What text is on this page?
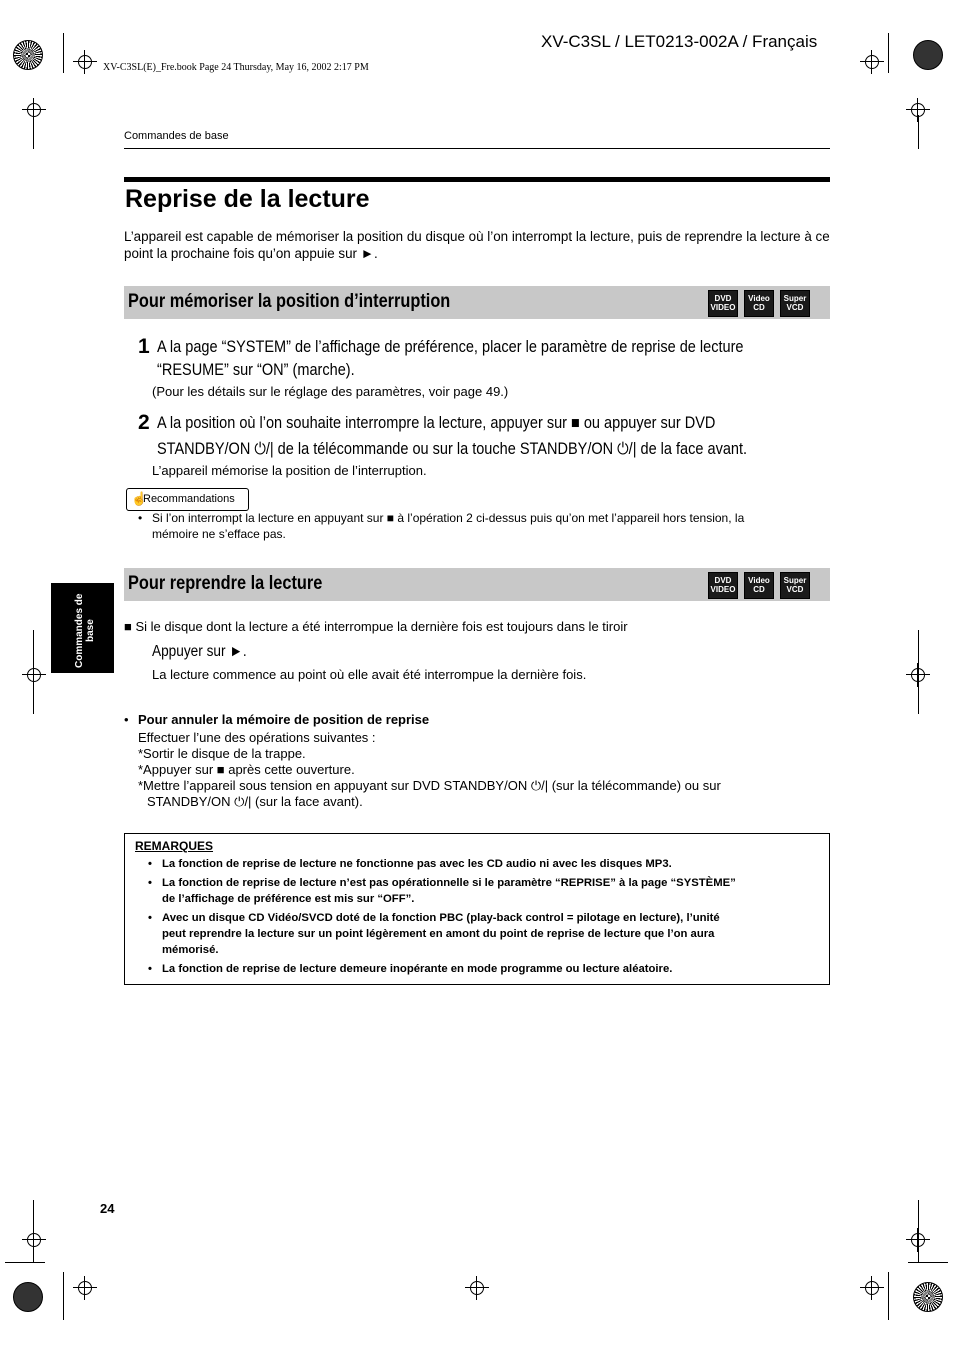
XV-C3SL / LET0213-002A / Français
XV-C3SL(E)_Fre.book Page 24 Thursday, May 16, 2002 2:17 PM
Commandes de base
Reprise de la lecture
L’appareil est capable de mémoriser la position du disque où l’on interrompt la lecture, puis de reprendre la lecture à ce point la prochaine fois qu’on appuie sur ►.
Pour mémoriser la position d’interruption	DVD
VIDEO
Video
CD
Super
VCD
1 A la page “SYSTEM” de l’affichage de préférence, placer le paramètre de reprise de lecture
“RESUME” sur “ON” (marche).
(Pour les détails sur le réglage des paramètres, voir page 49.)
2 A la position où l’on souhaite interrompre la lecture, appuyer sur ■ ou appuyer sur DVD
STANDBY/ON ⏻/| de la télécommande ou sur la touche STANDBY/ON ⏻/| de la face avant.
L’appareil mémorise la position de l’interruption.
☝
Recommandations
• Si l’on interrompt la lecture en appuyant sur ■ à l’opération 2 ci-dessus puis qu’on met l’appareil hors tension, la
mémoire ne s’efface pas.
Commandes de base
Pour reprendre la lecture	DVD
VIDEO
Video
CD
Super
VCD
■ Si le disque dont la lecture a été interrompue la dernière fois est toujours dans le tiroir
Appuyer sur ►.
La lecture commence au point où elle avait été interrompue la dernière fois.
• Pour annuler la mémoire de position de reprise
Effectuer l’une des opérations suivantes :
*Sortir le disque de la trappe.
*Appuyer sur ■ après cette ouverture.
*Mettre l’appareil sous tension en appuyant sur DVD STANDBY/ON ⏻/| (sur la télécommande) ou sur
STANDBY/ON ⏻/| (sur la face avant).
REMARQUES
• La fonction de reprise de lecture ne fonctionne pas avec les CD audio ni avec les disques MP3.
• La fonction de reprise de lecture n’est pas opérationnelle si le paramètre “REPRISE” à la page “SYSTÈME”
de l’affichage de préférence est mis sur “OFF”.
• Avec un disque CD Vidéo/SVCD doté de la fonction PBC (play-back control = pilotage en lecture), l’unité
peut reprendre la lecture sur un point légèrement en amont du point de reprise de lecture que l’on aura
mémorisé.
• La fonction de reprise de lecture demeure inopérante en mode programme ou lecture aléatoire.
24
